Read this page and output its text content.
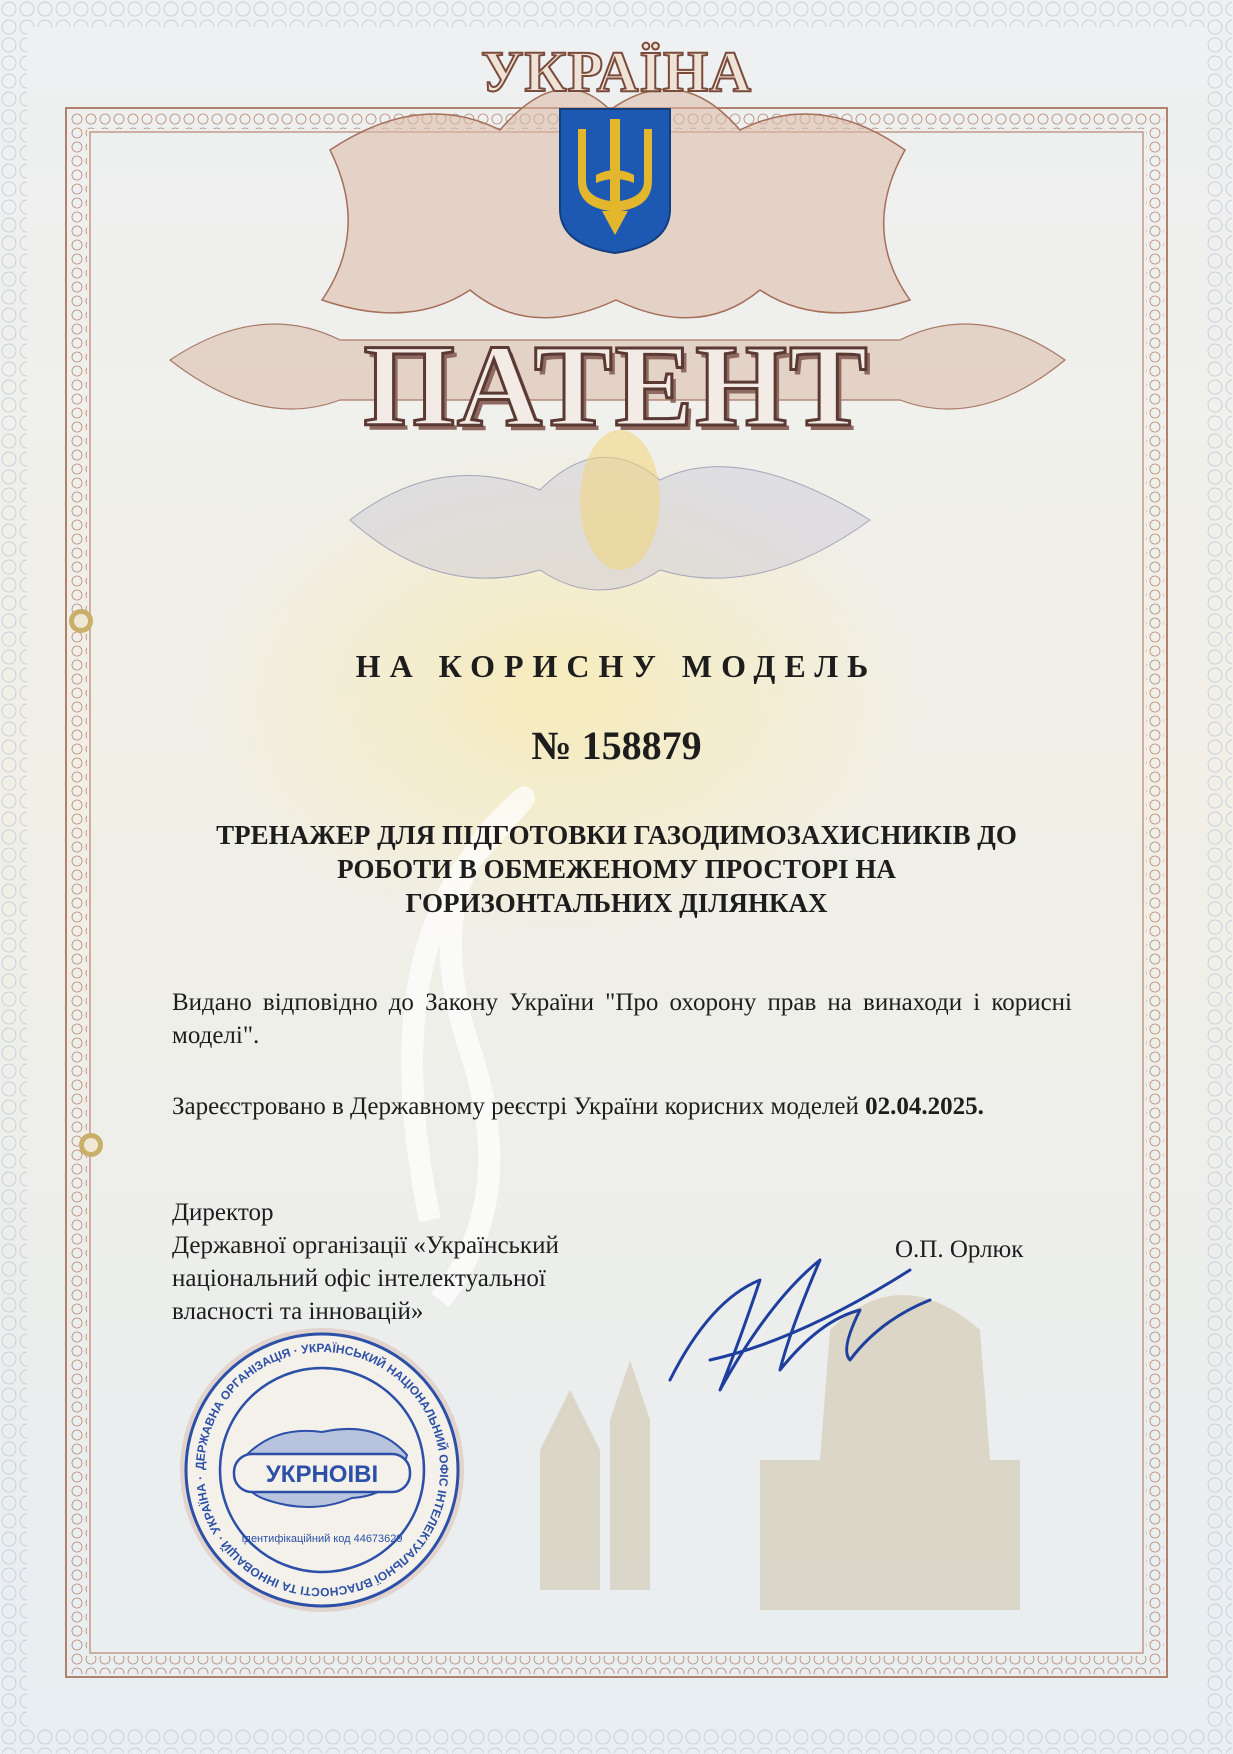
УКРАЇНА
ПАТЕНТ
НА КОРИСНУ МОДЕЛЬ
№ 158879
ТРЕНАЖЕР ДЛЯ ПІДГОТОВКИ ГАЗОДИМОЗАХИСНИКІВ ДО
РОБОТИ В ОБМЕЖЕНОМУ ПРОСТОРІ НА
ГОРИЗОНТАЛЬНИХ ДІЛЯНКАХ
Видано відповідно до Закону України "Про охорону прав на винаходи і корисні моделі".
Зареєстровано в Державному реєстрі України корисних моделей 02.04.2025.
Директор
Державної організації «Український
національний офіс інтелектуальної
власності та інновацій»
О.П. Орлюк
ДЕРЖАВНА ОРГАНІЗАЦІЯ · УКРАЇНСЬКИЙ НАЦІОНАЛЬНИЙ ОФІС ІНТЕЛЕКТУАЛЬНОЇ ВЛАСНОСТІ ТА ІННОВАЦІЙ · УКРАЇНА ·	УКРНОІВІ
Ідентифікаційний код 44673629
